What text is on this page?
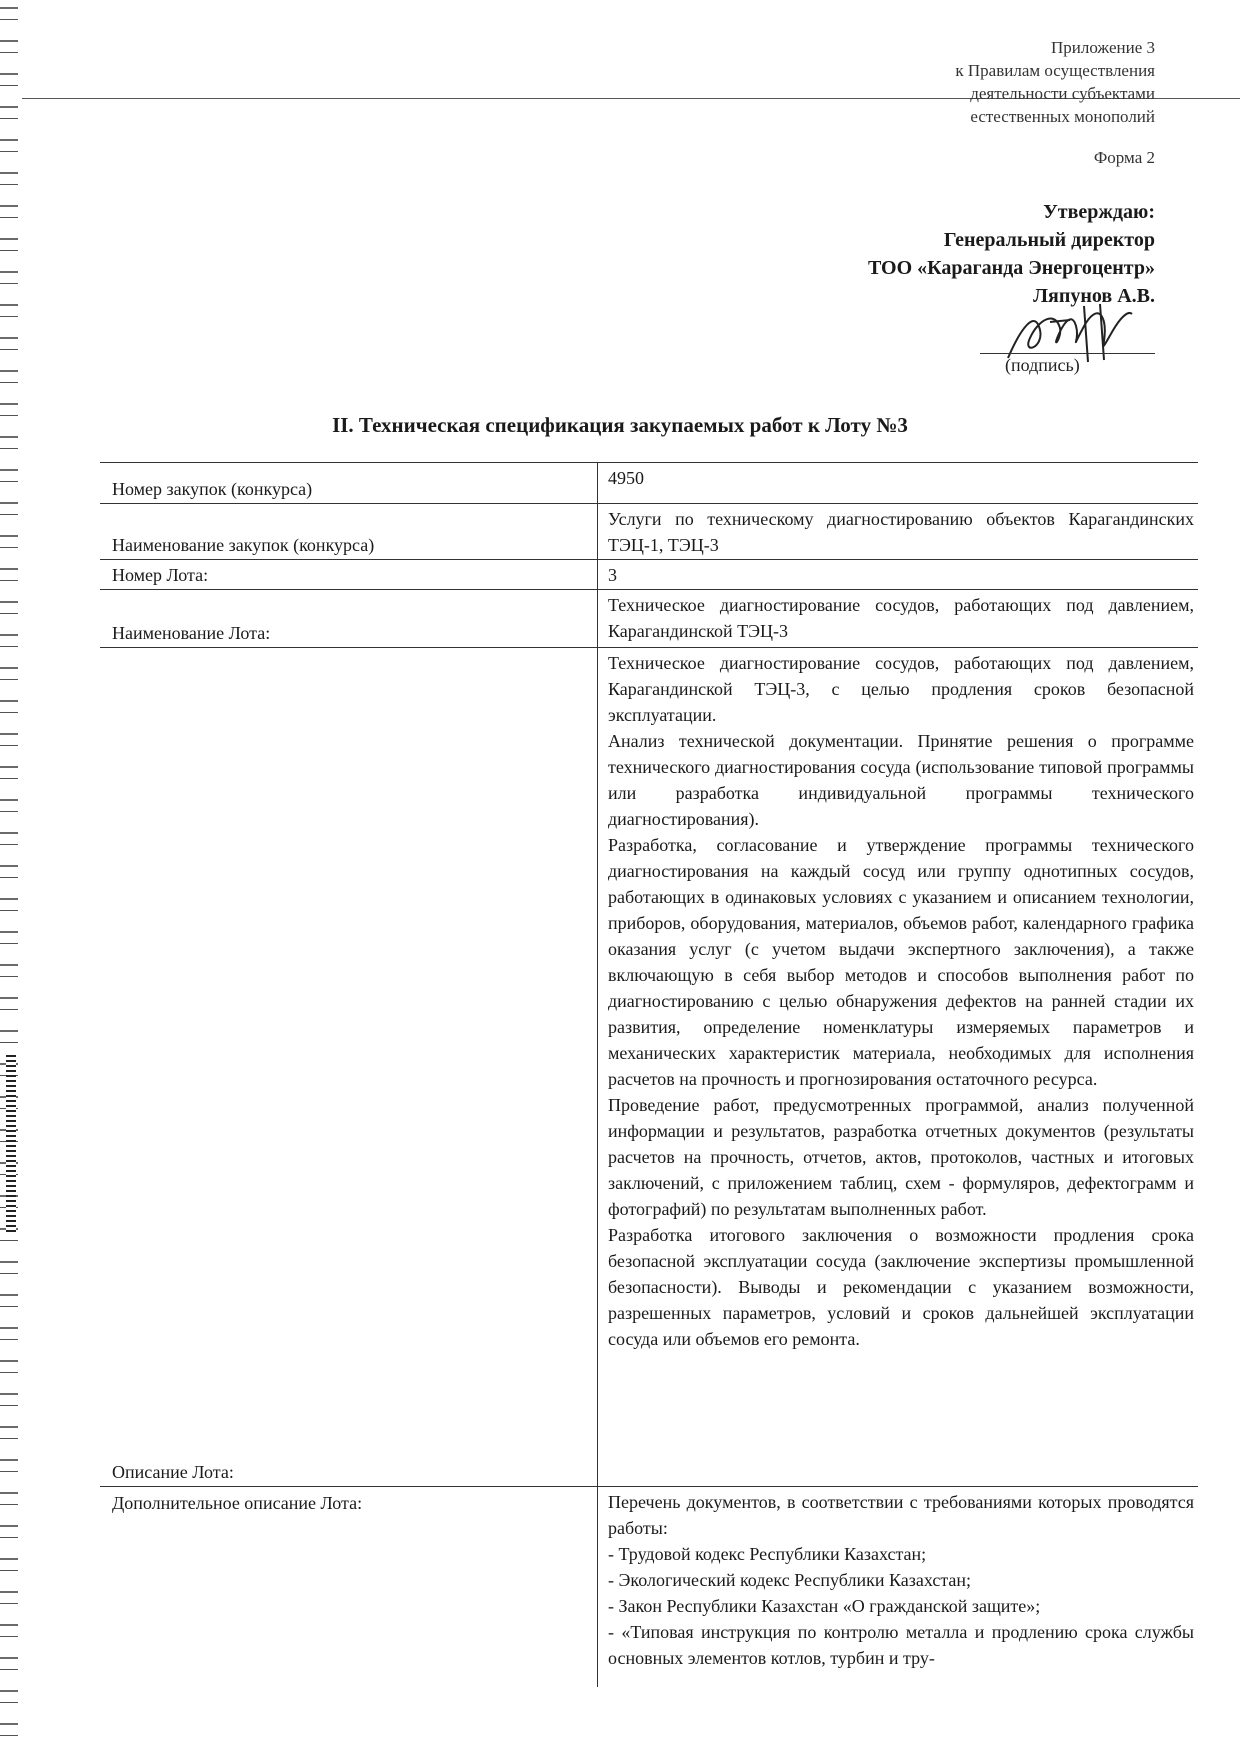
Приложение 3
к Правилам осуществления
деятельности субъектами
естественных монополий
Форма 2
Утверждаю:
Генеральный директор
ТОО «Караганда Энергоцентр»
Ляпунов А.В.
(подпись)
II. Техническая спецификация закупаемых работ к Лоту №3
Номер закупок (конкурса)
4950
Наименование закупок (конкурса)
Услуги по техническому диагностированию объектов Карагандинских ТЭЦ-1, ТЭЦ-3
Номер Лота:	3
Наименование Лота:
Техническое диагностирование сосудов, работающих под давлением, Карагандинской ТЭЦ-3
Описание Лота:

Техническое диагностирование сосудов, работающих под давлением, Карагандинской ТЭЦ-3, с целью продления сроков безопасной эксплуатации.

Анализ технической документации. Принятие решения о программе технического диагностирования сосуда (использование типовой программы или разработка индивидуальной программы технического диагностирования).

Разработка, согласование и утверждение программы технического диагностирования на каждый сосуд или группу однотипных сосудов, работающих в одинаковых условиях с указанием и описанием технологии, приборов, оборудования, материалов, объемов работ, календарного графика оказания услуг (с учетом выдачи экспертного заключения), а также включающую в себя выбор методов и способов выполнения работ по диагностированию с целью обнаружения дефектов на ранней стадии их развития, определение номенклатуры измеряемых параметров и механических характеристик материала, необходимых для исполнения расчетов на прочность и прогнозирования остаточного ресурса.

Проведение работ, предусмотренных программой, анализ полученной информации и результатов, разработка отчетных документов (результаты расчетов на прочность, отчетов, актов, протоколов, частных и итоговых заключений, с приложением таблиц, схем - формуляров, дефектограмм и фотографий) по результатам выполненных работ.

Разработка итогового заключения о возможности продления срока безопасной эксплуатации сосуда (заключение экспертизы промышленной безопасности). Выводы и рекомендации с указанием возможности, разрешенных параметров, условий и сроков дальнейшей эксплуатации сосуда или объемов его ремонта.

Дополнительное описание Лота:	Перечень документов, в соответствии с требованиями которых проводятся работы:

- Трудовой кодекс Республики Казахстан;
- Экологический кодекс Республики Казахстан;
- Закон Республики Казахстан «О гражданской защите»;

- «Типовая инструкция по контролю металла и продлению срока службы основных элементов котлов, турбин и тру-
